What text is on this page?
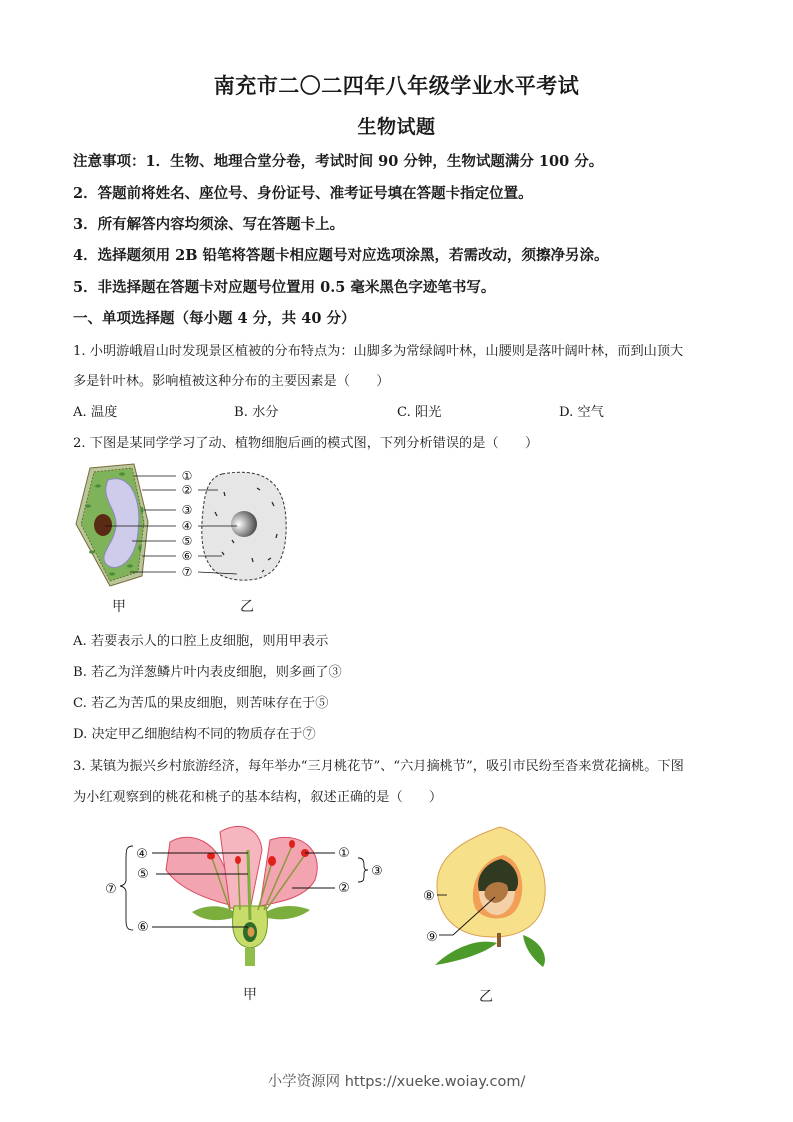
南充市二〇二四年八年级学业水平考试
生物试题
注意事项：1．生物、地理合堂分卷，考试时间 90 分钟，生物试题满分 100 分。
2．答题前将姓名、座位号、身份证号、准考证号填在答题卡指定位置。
3．所有解答内容均须涂、写在答题卡上。
4．选择题须用 2B 铅笔将答题卡相应题号对应选项涂黑，若需改动，须擦净另涂。
5．非选择题在答题卡对应题号位置用 0.5 毫米黑色字迹笔书写。
一、单项选择题（每小题 4 分，共 40 分）
1. 小明游峨眉山时发现景区植被的分布特点为：山脚多为常绿阔叶林，山腰则是落叶阔叶林，而到山顶大
多是针叶林。影响植被这种分布的主要因素是（　　）
A. 温度	B. 水分	C. 阳光	D. 空气
2. 下图是某同学学习了动、植物细胞后画的模式图，下列分析错误的是（　　）
①
②
③
④
⑤
⑥
⑦
甲	乙
A. 若要表示人的口腔上皮细胞，则用甲表示
B. 若乙为洋葱鳞片叶内表皮细胞，则多画了③
C. 若乙为苦瓜的果皮细胞，则苦味存在于⑤
D. 决定甲乙细胞结构不同的物质存在于⑦
3. 某镇为振兴乡村旅游经济，每年举办“三月桃花节”、“六月摘桃节”，吸引市民纷至沓来赏花摘桃。下图
为小红观察到的桃花和桃子的基本结构，叙述正确的是（　　）
①
②
③
④
⑤
⑥
⑦	⑧
⑨
甲	乙
小学资源网 https://xueke.woiay.com/
